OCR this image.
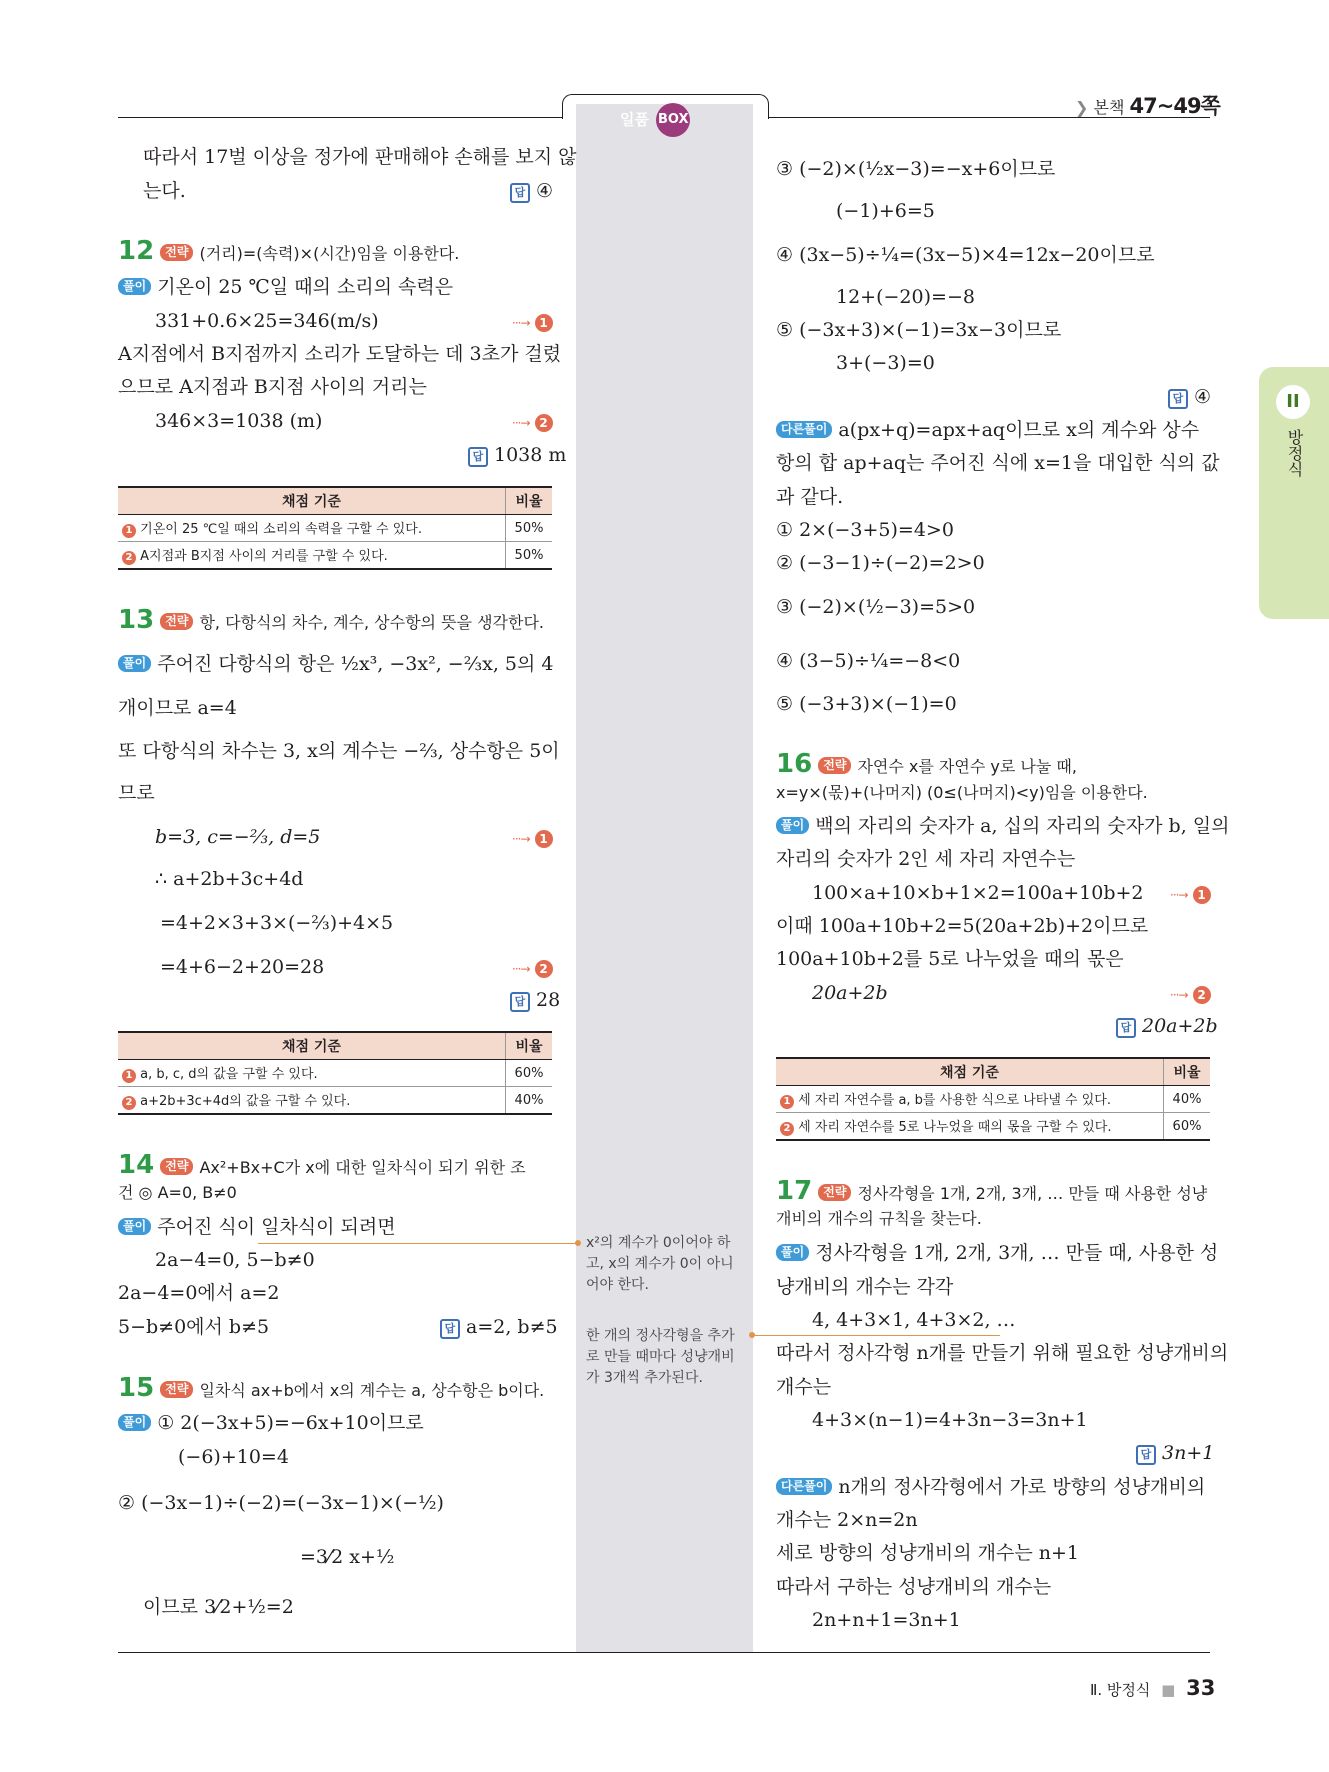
일품 BOX
❯ 본책 47~49쪽
II
방정식
따라서 17벌 이상을 정가에 판매해야 손해를 보지 않
는다.	답 ④
12 전략 (거리)=(속력)×(시간)임을 이용한다.
풀이 기온이 25 ℃일 때의 소리의 속력은
331+0.6×25=346(m/s)	···→ 1
A지점에서 B지점까지 소리가 도달하는 데 3초가 걸렸
으므로 A지점과 B지점 사이의 거리는
346×3=1038 (m)	···→ 2
답 1038 m
채점 기준	비율
1 기온이 25 ℃일 때의 소리의 속력을 구할 수 있다.	50%
2 A지점과 B지점 사이의 거리를 구할 수 있다.	50%
13 전략 항, 다항식의 차수, 계수, 상수항의 뜻을 생각한다.
풀이 주어진 다항식의 항은 ½x³, −3x², −⅔x, 5의 4
개이므로 a=4
또 다항식의 차수는 3, x의 계수는 −⅔, 상수항은 5이
므로
b=3, c=−⅔, d=5	···→ 1
∴ a+2b+3c+4d
=4+2×3+3×(−⅔)+4×5
=4+6−2+20=28	···→ 2
답 28
채점 기준	비율
1 a, b, c, d의 값을 구할 수 있다.	60%
2 a+2b+3c+4d의 값을 구할 수 있다.	40%
14 전략 Ax²+Bx+C가 x에 대한 일차식이 되기 위한 조
건 ◎ A=0, B≠0
풀이 주어진 식이 일차식이 되려면
2a−4=0, 5−b≠0
2a−4=0에서 a=2
5−b≠0에서 b≠5	답 a=2, b≠5
15 전략 일차식 ax+b에서 x의 계수는 a, 상수항은 b이다.
풀이 ① 2(−3x+5)=−6x+10이므로
(−6)+10=4
② (−3x−1)÷(−2)=(−3x−1)×(−½)
=3⁄2 x+½
이므로 3⁄2+½=2
x²의 계수가 0이어야 하고, x의 계수가 0이 아니어야 한다.
한 개의 정사각형을 추가로 만들 때마다 성냥개비가 3개씩 추가된다.
③ (−2)×(½x−3)=−x+6이므로
(−1)+6=5
④ (3x−5)÷¼=(3x−5)×4=12x−20이므로
12+(−20)=−8
⑤ (−3x+3)×(−1)=3x−3이므로
3+(−3)=0
답 ④
다른풀이 a(px+q)=apx+aq이므로 x의 계수와 상수
항의 합 ap+aq는 주어진 식에 x=1을 대입한 식의 값
과 같다.
① 2×(−3+5)=4>0
② (−3−1)÷(−2)=2>0
③ (−2)×(½−3)=5>0
④ (3−5)÷¼=−8<0
⑤ (−3+3)×(−1)=0
16 전략 자연수 x를 자연수 y로 나눌 때,
x=y×(몫)+(나머지) (0≤(나머지)<y)임을 이용한다.
풀이 백의 자리의 숫자가 a, 십의 자리의 숫자가 b, 일의
자리의 숫자가 2인 세 자리 자연수는
100×a+10×b+1×2=100a+10b+2 ···→ 1
이때 100a+10b+2=5(20a+2b)+2이므로
100a+10b+2를 5로 나누었을 때의 몫은
20a+2b	···→ 2
답 20a+2b
채점 기준	비율
1 세 자리 자연수를 a, b를 사용한 식으로 나타낼 수 있다.	40%
2 세 자리 자연수를 5로 나누었을 때의 몫을 구할 수 있다.	60%
17 전략 정사각형을 1개, 2개, 3개, … 만들 때 사용한 성냥
개비의 개수의 규칙을 찾는다.
풀이 정사각형을 1개, 2개, 3개, … 만들 때, 사용한 성
냥개비의 개수는 각각
4, 4+3×1, 4+3×2, …
따라서 정사각형 n개를 만들기 위해 필요한 성냥개비의
개수는
4+3×(n−1)=4+3n−3=3n+1
답 3n+1
다른풀이 n개의 정사각형에서 가로 방향의 성냥개비의
개수는 2×n=2n
세로 방향의 성냥개비의 개수는 n+1
따라서 구하는 성냥개비의 개수는
2n+n+1=3n+1
Ⅱ. 방정식 ■ 33
